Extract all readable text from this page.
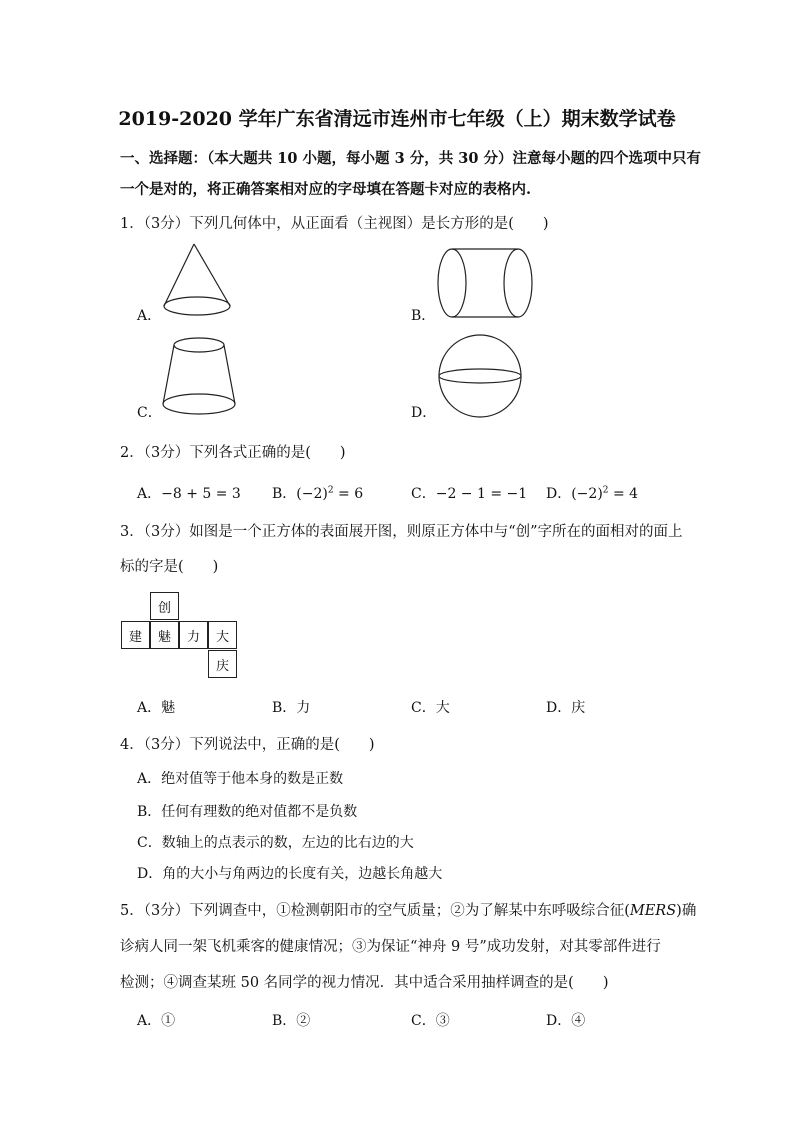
2019-2020 学年广东省清远市连州市七年级（上）期末数学试卷
一、选择题：（本大题共 10 小题，每小题 3 分，共 30 分）注意每小题的四个选项中只有
一个是对的，将正确答案相对应的字母填在答题卡对应的表格内.
1．（3分）下列几何体中，从正面看（主视图）是长方形的是(　　)
A．	B．
C．	D．
2．（3分）下列各式正确的是(　　)
A．−8 + 5 = 3 B．$(-2)^2 = 6$	C．−2 − 1 = −1 D．$(-2)^2 = 4$
3．（3分）如图是一个正方体的表面展开图，则原正方体中与“创”字所在的面相对的面上
标的字是(　　)
创
建	魅	力	大
庆
A．魅	B．力	C．大	D．庆
4．（3分）下列说法中，正确的是(　　)
A．绝对值等于他本身的数是正数
B．任何有理数的绝对值都不是负数
C．数轴上的点表示的数，左边的比右边的大
D．角的大小与角两边的长度有关，边越长角越大
5．（3分）下列调查中，①检测朝阳市的空气质量；②为了解某中东呼吸综合征(MERS)确
诊病人同一架飞机乘客的健康情况；③为保证“神舟 9 号”成功发射，对其零部件进行
检测；④调查某班 50 名同学的视力情况．其中适合采用抽样调查的是(　　)
A．①	B．②	C．③	D．④
